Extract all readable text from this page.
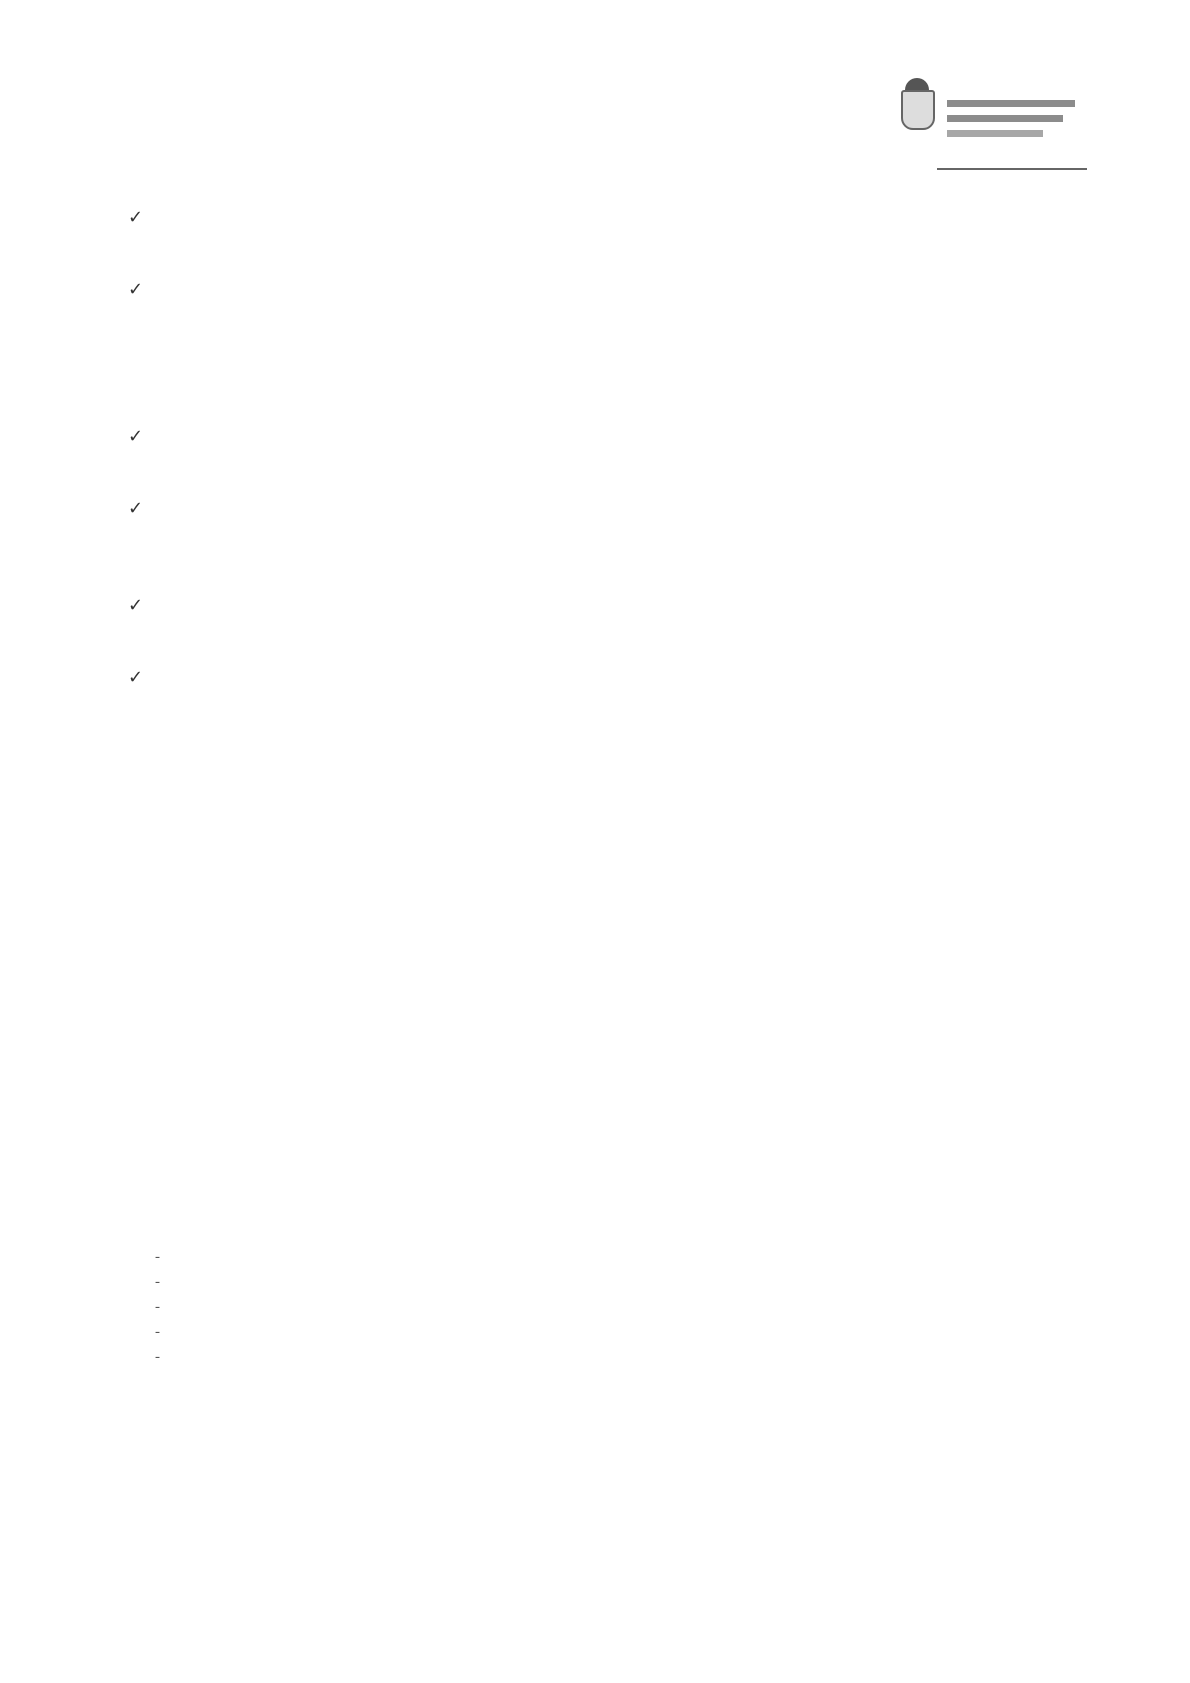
✓
✓
✓
✓
✓
✓
-
-
-
-
-
